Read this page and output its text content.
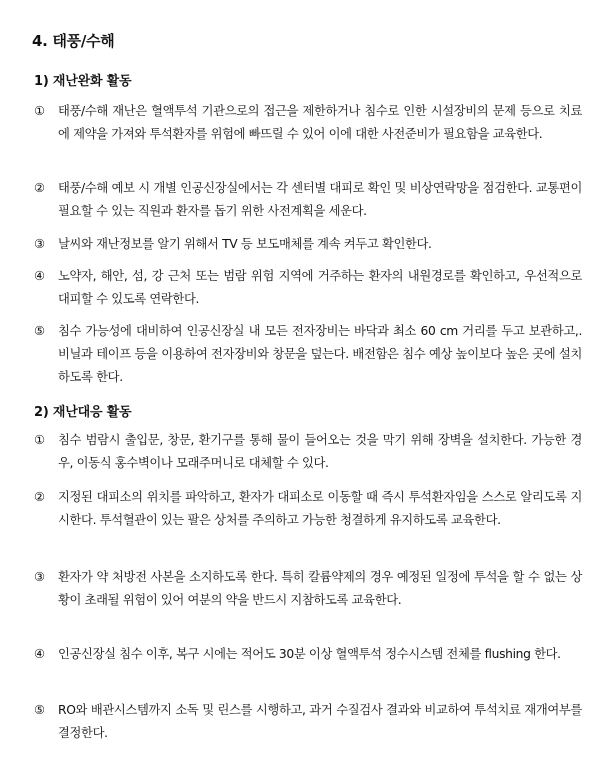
4. 태풍/수해
1) 재난완화 활동
①	태풍/수해 재난은 혈액투석 기관으로의 접근을 제한하거나 침수로 인한 시설장비의 문제 등으로 치료에 제약을 가져와 투석환자를 위험에 빠뜨릴 수 있어 이에 대한 사전준비가 필요함을 교육한다.
②	태풍/수해 예보 시 개별 인공신장실에서는 각 센터별 대피로 확인 및 비상연락망을 점검한다. 교통편이 필요할 수 있는 직원과 환자를 돕기 위한 사전계획을 세운다.
③	날씨와 재난정보를 알기 위해서 TV 등 보도매체를 계속 켜두고 확인한다.
④	노약자, 해안, 섬, 강 근처 또는 범람 위험 지역에 거주하는 환자의 내원경로를 확인하고, 우선적으로 대피할 수 있도록 연락한다.
⑤	침수 가능성에 대비하여 인공신장실 내 모든 전자장비는 바닥과 최소 60 cm 거리를 두고 보관하고,. 비닐과 테이프 등을 이용하여 전자장비와 창문을 덮는다. 배전함은 침수 예상 높이보다 높은 곳에 설치하도록 한다.
2) 재난대응 활동
①	침수 범람시 출입문, 창문, 환기구를 통해 물이 들어오는 것을 막기 위해 장벽을 설치한다. 가능한 경우, 이동식 홍수벽이나 모래주머니로 대체할 수 있다.
②	지정된 대피소의 위치를 파악하고, 환자가 대피소로 이동할 때 즉시 투석환자임을 스스로 알리도록 지시한다. 투석혈관이 있는 팔은 상처를 주의하고 가능한 청결하게 유지하도록 교육한다.
③	환자가 약 처방전 사본을 소지하도록 한다. 특히 칼륨약제의 경우 예정된 일정에 투석을 할 수 없는 상황이 초래될 위험이 있어 여분의 약을 반드시 지참하도록 교육한다.
④	인공신장실 침수 이후, 복구 시에는 적어도 30분 이상 혈액투석 정수시스템 전체를 flushing 한다.
⑤	RO와 배관시스템까지 소독 및 린스를 시행하고, 과거 수질검사 결과와 비교하여 투석치료 재개여부를 결정한다.
